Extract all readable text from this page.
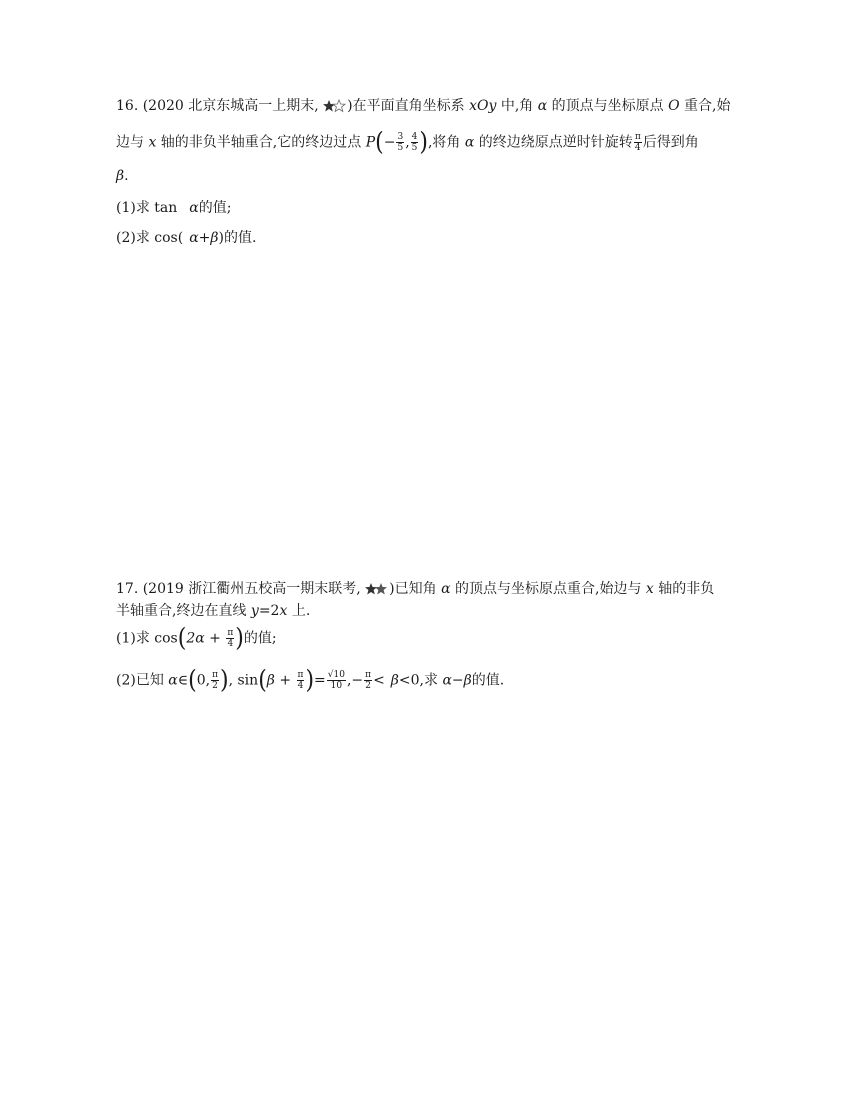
16. (2020 北京东城高一上期末, )在平面直角坐标系 xOy 中,角 α 的顶点与坐标原点 O 重合,始
边与 x 轴的非负半轴重合,它的终边过点 $P(- \frac{3}{5}$ , $\frac{4}{5}$ ),将角 α 的终边绕原点逆时针旋转 $\frac{\pi}{4}$ 后得到角
β.
(1)求 tan α的值;
(2)求 cos( α+β)的值.
17. (2019 浙江衢州五校高一期末联考, )已知角 α 的顶点与坐标原点重合,始边与 x 轴的非负
半轴重合,终边在直线 y=2x 上.
(1)求 $\cos(2\alpha + \frac{\pi}{4}$ )的值;
(2)已知 α∈(0, $\frac{\pi}{2}$ ), $\sin(\beta + \frac{\pi}{4}$ )= $\frac{√10}{10}$ ,− $\frac{\pi}{2} < \beta<0$,求 α−β的值.
